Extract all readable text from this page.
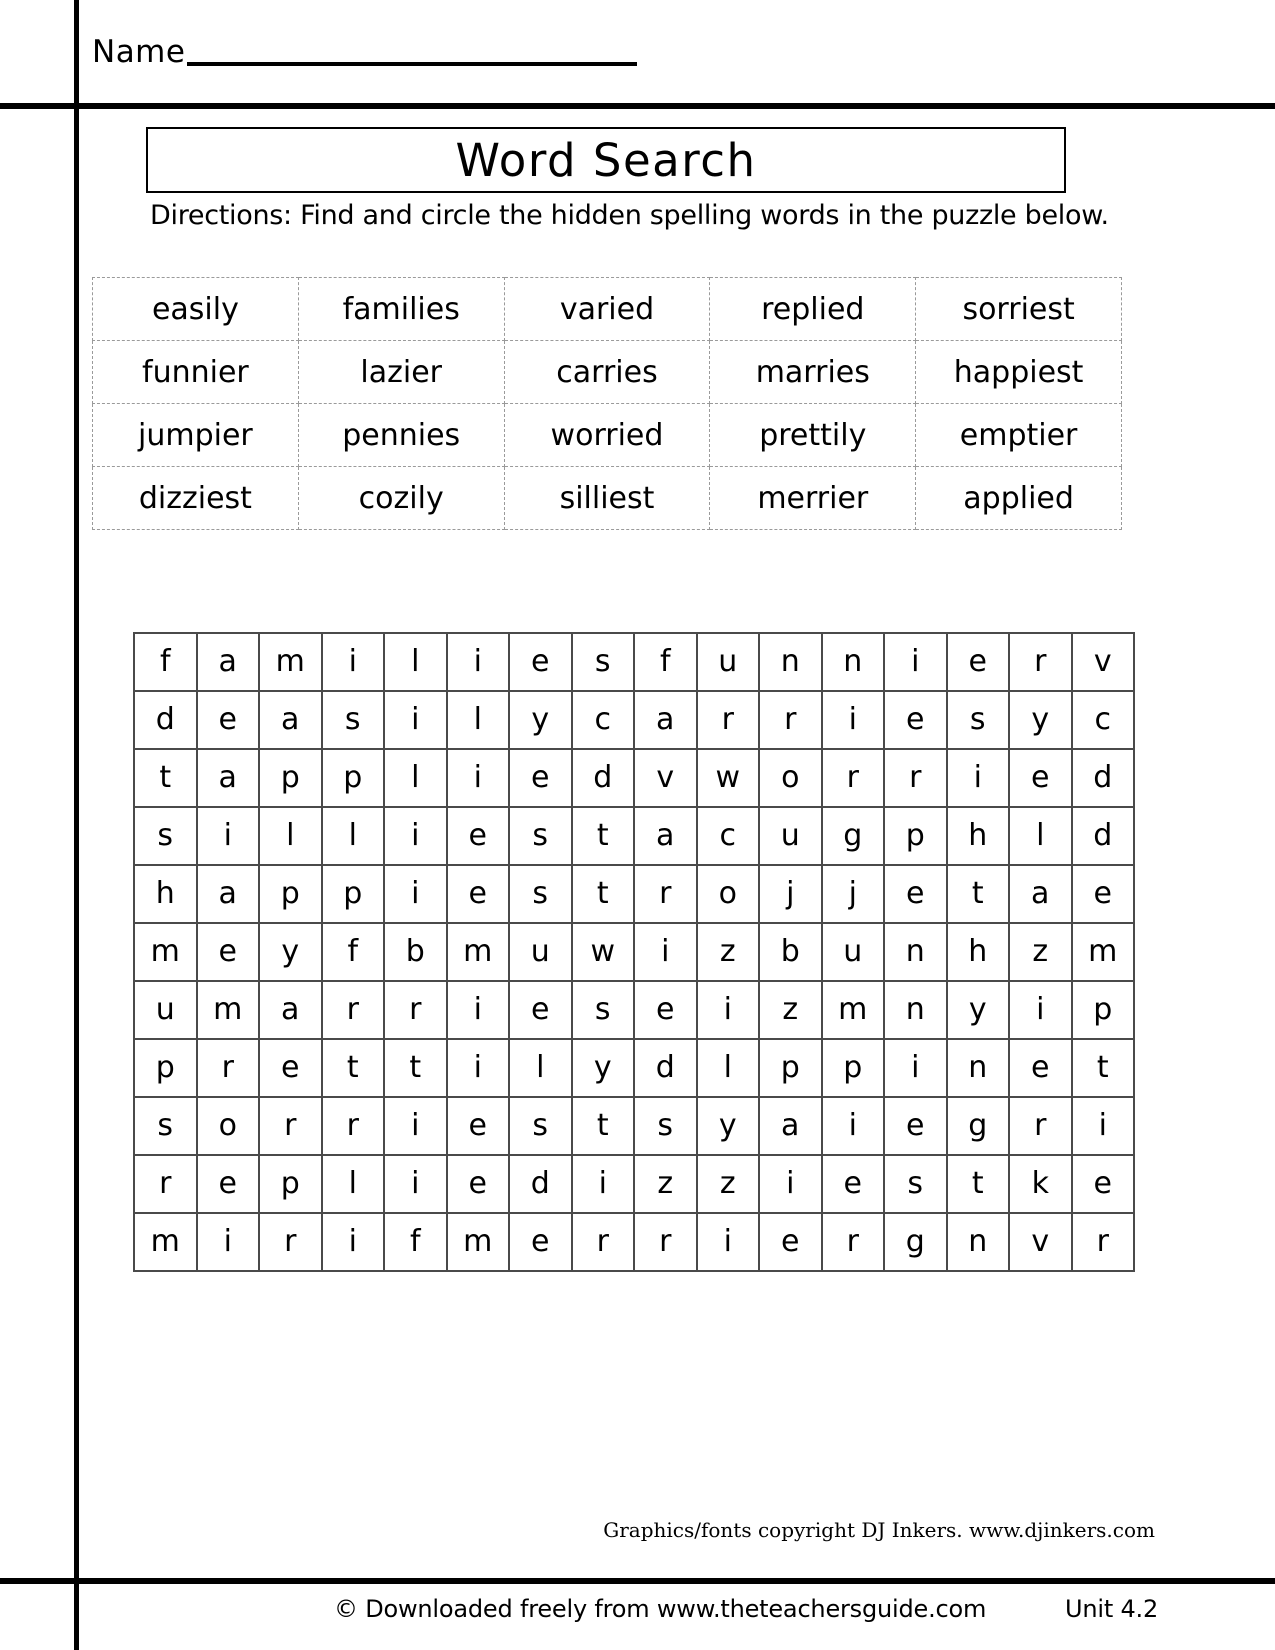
Name
Word Search
Directions: Find and circle the hidden spelling words in the puzzle below.
easily	families	varied	replied	sorriest
funnier	lazier	carries	marries	happiest
jumpier	pennies	worried	prettily	emptier
dizziest	cozily	silliest	merrier	applied
f	a	m	i	l	i	e	s	f	u	n	n	i	e	r	v
d	e	a	s	i	l	y	c	a	r	r	i	e	s	y	c
t	a	p	p	l	i	e	d	v	w	o	r	r	i	e	d
s	i	l	l	i	e	s	t	a	c	u	g	p	h	l	d
h	a	p	p	i	e	s	t	r	o	j	j	e	t	a	e
m	e	y	f	b	m	u	w	i	z	b	u	n	h	z	m
u	m	a	r	r	i	e	s	e	i	z	m	n	y	i	p
p	r	e	t	t	i	l	y	d	l	p	p	i	n	e	t
s	o	r	r	i	e	s	t	s	y	a	i	e	g	r	i
r	e	p	l	i	e	d	i	z	z	i	e	s	t	k	e
m	i	r	i	f	m	e	r	r	i	e	r	g	n	v	r
Graphics/fonts copyright DJ Inkers. www.djinkers.com
© Downloaded freely from www.theteachersguide.com	Unit 4.2
